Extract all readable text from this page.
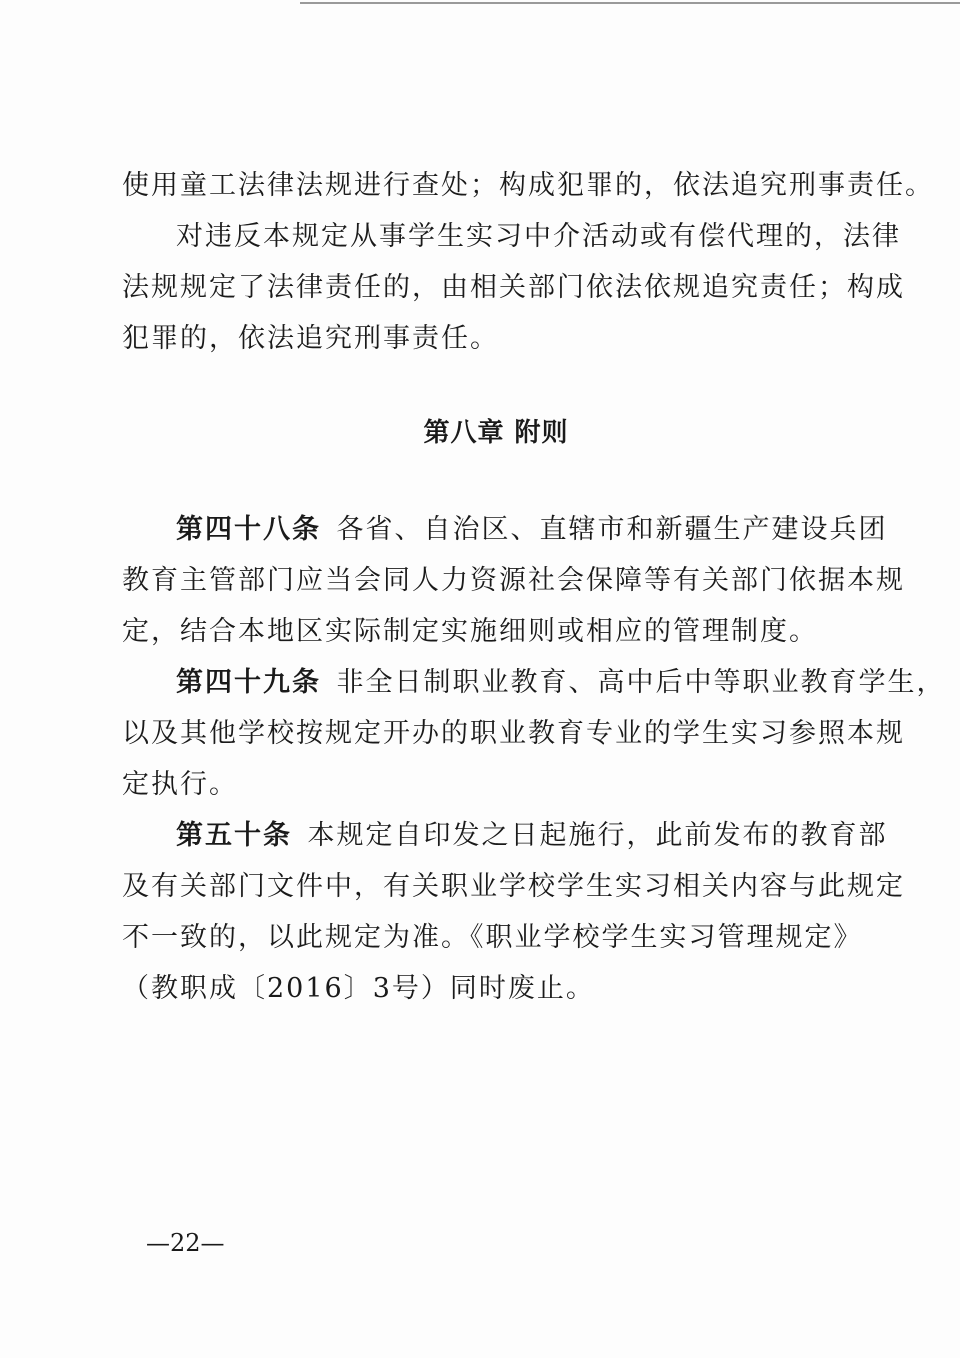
使用童工法律法规进行查处；构成犯罪的，依法追究刑事责任。
对违反本规定从事学生实习中介活动或有偿代理的，法律
法规规定了法律责任的，由相关部门依法依规追究责任；构成
犯罪的，依法追究刑事责任。
第八章 附则
第四十八条  各省、自治区、直辖市和新疆生产建设兵团
教育主管部门应当会同人力资源社会保障等有关部门依据本规
定，结合本地区实际制定实施细则或相应的管理制度。
第四十九条  非全日制职业教育、高中后中等职业教育学生，
以及其他学校按规定开办的职业教育专业的学生实习参照本规
定执行。
第五十条  本规定自印发之日起施行，此前发布的教育部
及有关部门文件中，有关职业学校学生实习相关内容与此规定
不一致的，以此规定为准。《职业学校学生实习管理规定》
（教职成〔2016〕3号）同时废止。
—22—
